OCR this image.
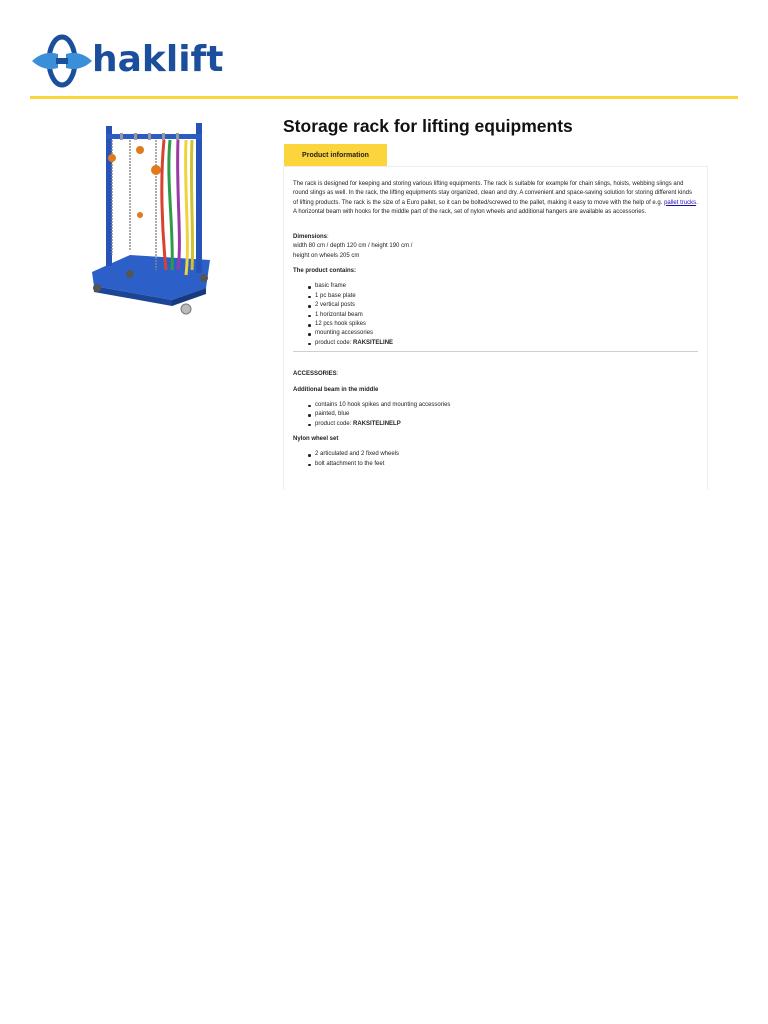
haklift
Storage rack for lifting equipments
Product information

The rack is designed for keeping and storing various lifting equipments. The rack is suitable for example for chain slings, hoists, webbing slings and round slings as well. In the rack, the lifting equipments stay organized, clean and dry. A convenient and space-saving solution for storing different kinds of lifting products. The rack is the size of a Euro pallet, so it can be bolted/screwed to the pallet, making it easy to move with the help of e.g. pallet trucks. A horizontal beam with hooks for the middle part of the rack, set of nylon wheels and additional hangers are available as accessories.

Dimensions:

width 80 cm / depth 120 cm / height 190 cm /

height on wheels 205 cm

The product contains:

basic frame
1 pc base plate
2 vertical posts
1 horizontal beam
12 pcs hook spikes
mounting accessories
product code: RAKSITELINE

ACCESSORIES:

Additional beam in the middle

contains 10 hook spikes and mounting accessories
painted, blue
product code: RAKSITELINELP

Nylon wheel set

2 articulated and 2 fixed wheels
bolt attachment to the feet
